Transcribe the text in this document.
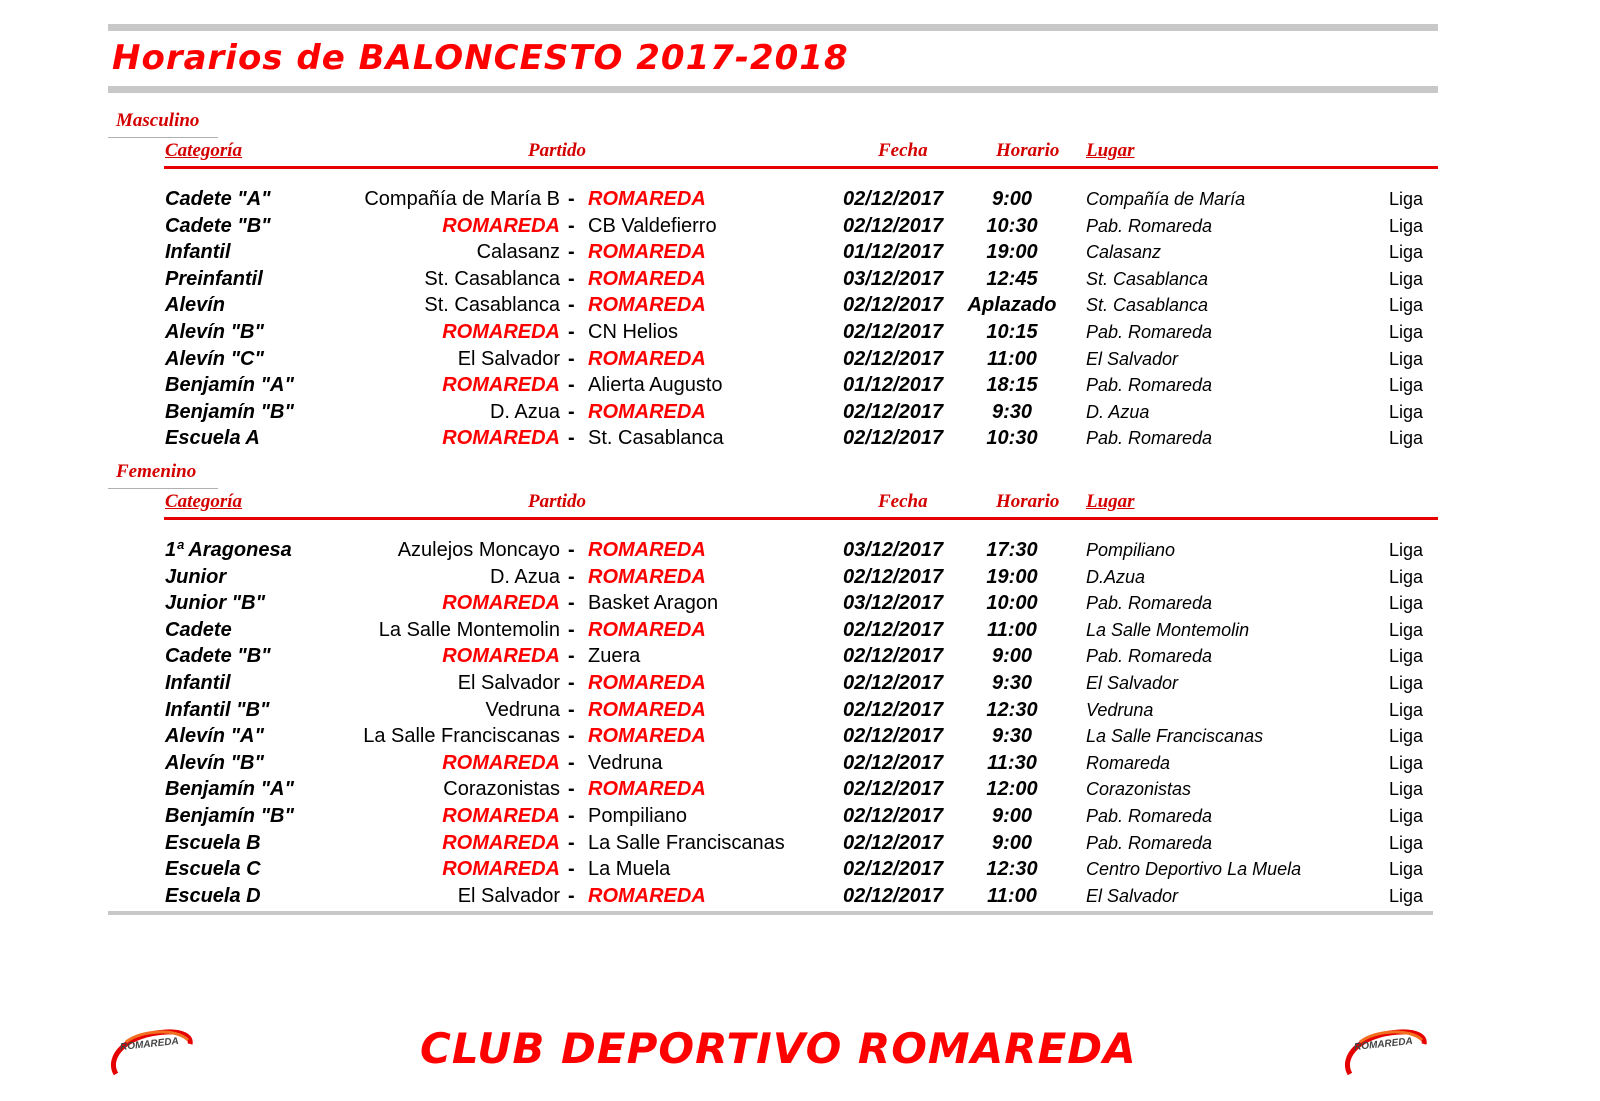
Horarios de BALONCESTO 2017-2018
Masculino
Categoría	Partido	Fecha	Horario Lugar
Cadete "A"	Compañía de María B - ROMAREDA	02/12/2017	9:00	Compañía de María	Liga
Cadete "B"	ROMAREDA - CB Valdefierro	02/12/2017	10:30	Pab. Romareda	Liga
Infantil	Calasanz - ROMAREDA	01/12/2017	19:00	Calasanz	Liga
Preinfantil	St. Casablanca - ROMAREDA	03/12/2017	12:45	St. Casablanca	Liga
Alevín	St. Casablanca - ROMAREDA	02/12/2017	Aplazado	St. Casablanca	Liga
Alevín "B"	ROMAREDA - CN Helios	02/12/2017	10:15	Pab. Romareda	Liga
Alevín "C"	El Salvador - ROMAREDA	02/12/2017	11:00	El Salvador	Liga
Benjamín "A"	ROMAREDA - Alierta Augusto	01/12/2017	18:15	Pab. Romareda	Liga
Benjamín "B"	D. Azua - ROMAREDA	02/12/2017	9:30	D. Azua	Liga
Escuela A	ROMAREDA - St. Casablanca	02/12/2017	10:30	Pab. Romareda	Liga
Femenino
Categoría	Partido	Fecha	Horario Lugar
1ª Aragonesa	Azulejos Moncayo - ROMAREDA	03/12/2017	17:30	Pompiliano	Liga
Junior	D. Azua - ROMAREDA	02/12/2017	19:00	D.Azua	Liga
Junior "B"	ROMAREDA - Basket Aragon	03/12/2017	10:00	Pab. Romareda	Liga
Cadete	La Salle Montemolin - ROMAREDA	02/12/2017	11:00	La Salle Montemolin	Liga
Cadete "B"	ROMAREDA - Zuera	02/12/2017	9:00	Pab. Romareda	Liga
Infantil	El Salvador - ROMAREDA	02/12/2017	9:30	El Salvador	Liga
Infantil "B"	Vedruna - ROMAREDA	02/12/2017	12:30	Vedruna	Liga
Alevín "A"	La Salle Franciscanas - ROMAREDA	02/12/2017	9:30	La Salle Franciscanas	Liga
Alevín "B"	ROMAREDA - Vedruna	02/12/2017	11:30	Romareda	Liga
Benjamín "A"	Corazonistas - ROMAREDA	02/12/2017	12:00	Corazonistas	Liga
Benjamín "B"	ROMAREDA - Pompiliano	02/12/2017	9:00	Pab. Romareda	Liga
Escuela B	ROMAREDA - La Salle Franciscanas	02/12/2017	9:00	Pab. Romareda	Liga
Escuela C	ROMAREDA - La Muela	02/12/2017	12:30	Centro Deportivo La Muela	Liga
Escuela D	El Salvador - ROMAREDA	02/12/2017	11:00	El Salvador	Liga
ROMAREDA	CLUB DEPORTIVO ROMAREDA	ROMAREDA
